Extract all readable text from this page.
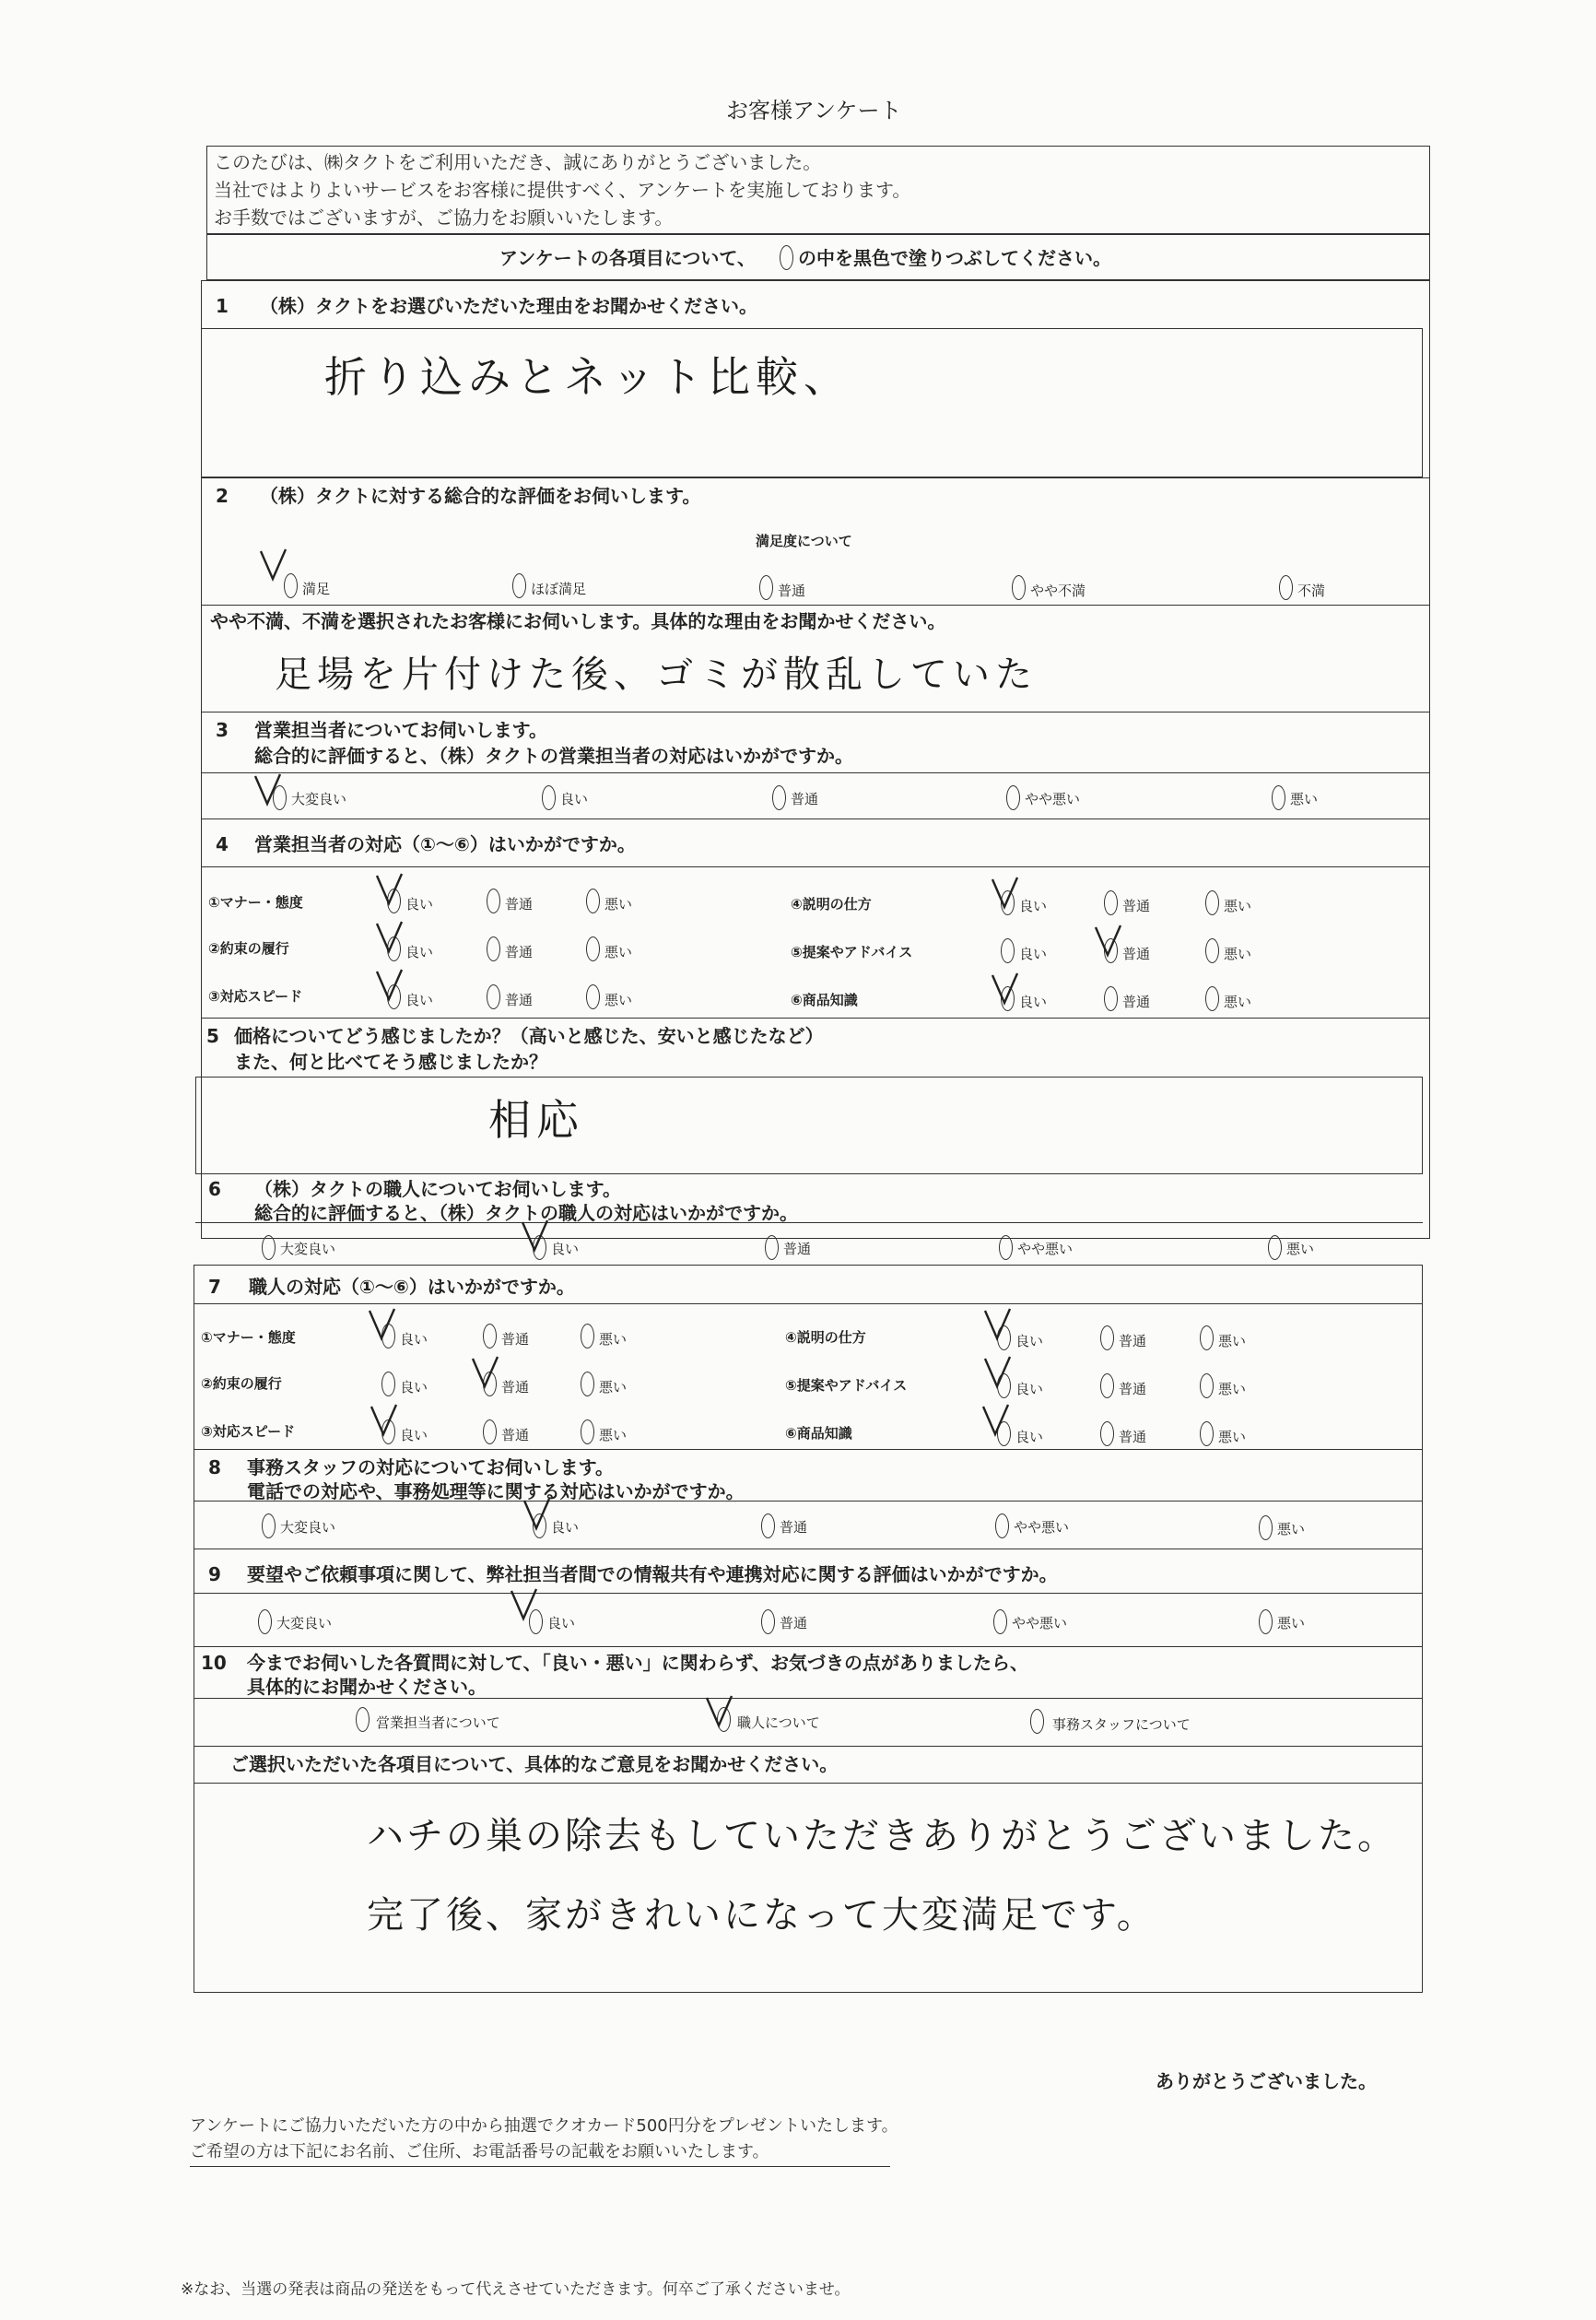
お客様アンケート
このたびは、㈱タクトをご利用いただき、誠にありがとうございました。
当社ではよりよいサービスをお客様に提供すべく、アンケートを実施しております。
お手数ではございますが、ご協力をお願いいたします。
アンケートの各項目について、 の中を黒色で塗りつぶしてください。
1 （株）タクトをお選びいただいた理由をお聞かせください。
折り込みとネット比較、
2 （株）タクトに対する総合的な評価をお伺いします。
満足度について
満足	ほぼ満足	普通	やや不満	不満
やや不満、不満を選択されたお客様にお伺いします。具体的な理由をお聞かせください。
足場を片付けた後、ゴミが散乱していた
3 営業担当者についてお伺いします。
総合的に評価すると、（株）タクトの営業担当者の対応はいかがですか。
大変良い	良い	普通	やや悪い	悪い
4 営業担当者の対応（①～⑥）はいかがですか。
①マナー・態度	良い	普通	悪い
②約束の履行	良い	普通	悪い
③対応スピード	良い	普通	悪い
④説明の仕方	良い	普通	悪い
⑤提案やアドバイス	良い	普通	悪い
⑥商品知識	良い	普通	悪い
5 価格についてどう感じましたか？（高いと感じた、安いと感じたなど）
また、何と比べてそう感じましたか？
相応
6 （株）タクトの職人についてお伺いします。
総合的に評価すると、（株）タクトの職人の対応はいかがですか。
大変良い	良い	普通	やや悪い	悪い
7 職人の対応（①～⑥）はいかがですか。
①マナー・態度	良い	普通	悪い
②約束の履行	良い	普通	悪い
③対応スピード	良い	普通	悪い
④説明の仕方	良い	普通	悪い
⑤提案やアドバイス	良い	普通	悪い
⑥商品知識	良い	普通	悪い
8 事務スタッフの対応についてお伺いします。
電話での対応や、事務処理等に関する対応はいかがですか。
大変良い	良い	普通	やや悪い	悪い
9 要望やご依頼事項に関して、弊社担当者間での情報共有や連携対応に関する評価はいかがですか。
大変良い	良い	普通	やや悪い	悪い
10 今までお伺いした各質問に対して、「良い・悪い」に関わらず、お気づきの点がありましたら、
具体的にお聞かせください。
営業担当者について	職人について	事務スタッフについて
ご選択いただいた各項目について、具体的なご意見をお聞かせください。
ハチの巣の除去もしていただきありがとうございました。
完了後、家がきれいになって大変満足です。
ありがとうございました。
アンケートにご協力いただいた方の中から抽選でクオカード500円分をプレゼントいたします。
ご希望の方は下記にお名前、ご住所、お電話番号の記載をお願いいたします。
※なお、当選の発表は商品の発送をもって代えさせていただきます。何卒ご了承くださいませ。
